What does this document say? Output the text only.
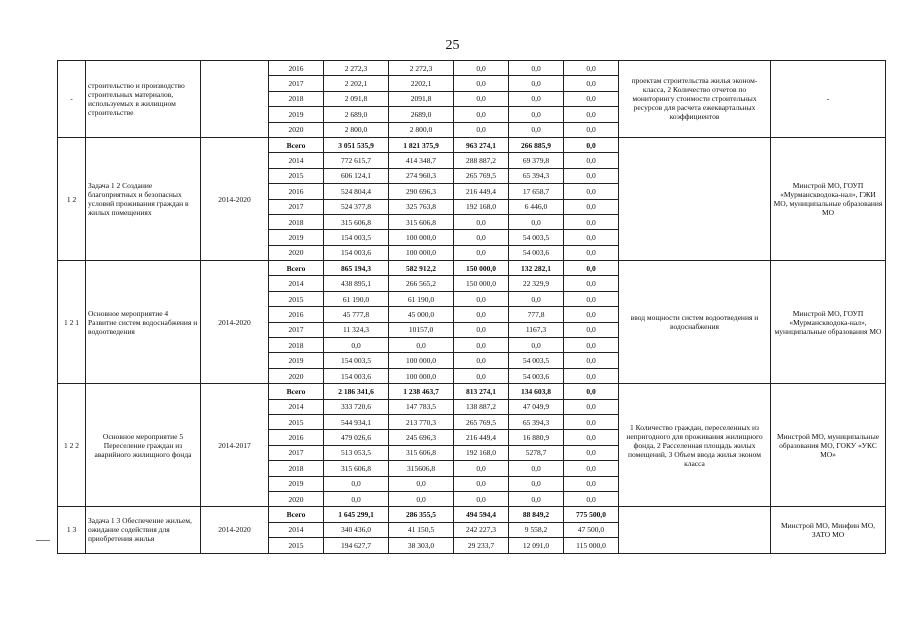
25
-	строительство и производство строительных материалов, используемых в жилищном строительстве		2016	2 272,3	2 272,3	0,0	0,0	0,0	проектам строительства жилья эконом-класса, 2 Количество отчетов по мониторингу стоимости строительных ресурсов для расчета ежеквартальных коэффициентов	-
			2017	2 202,1	2202,1	0,0	0,0	0,0		
			2018	2 091,8	2091,8	0,0	0,0	0,0		
			2019	2 689,0	2689,0	0,0	0,0	0,0		
			2020	2 800,0	2 800,0	0,0	0,0	0,0		
1 2	Задача 1 2 Создание благоприятных и безопасных условий проживания граждан в жилых помещениях	2014-2020	Всего	3 051 535,9	1 821 375,9	963 274,1	266 885,9	0,0		Минстрой МО, ГОУП «Мурманскводока-нал», ГЖИ МО, муниципальные образования МО
			2014	772 615,7	414 348,7	288 887,2	69 379,8	0,0		
			2015	606 124,1	274 960,3	265 769,5	65 394,3	0,0		
			2016	524 804,4	290 696,3	216 449,4	17 658,7	0,0		
			2017	524 377,8	325 763,8	192 168,0	6 446,0	0,0		
			2018	315 606,8	315 606,8	0,0	0,0	0,0		
			2019	154 003,5	100 000,0	0,0	54 003,5	0,0		
			2020	154 003,6	100 000,0	0,0	54 003,6	0,0		
1 2 1	Основное мероприятие 4 Развитие систем водоснабжения и водоотведения	2014-2020	Всего	865 194,3	582 912,2	150 000,0	132 282,1	0,0	ввод мощности систем водоотведения и водоснабжения	Минстрой МО, ГОУП «Мурманскводока-нал», муниципальные образования МО
			2014	438 895,1	266 565,2	150 000,0	22 329,9	0,0		
			2015	61 190,0	61 190,0	0,0	0,0	0,0		
			2016	45 777,8	45 000,0	0,0	777,8	0,0		
			2017	11 324,3	10157,0	0,0	1167,3	0,0		
			2018	0,0	0,0	0,0	0,0	0,0		
			2019	154 003,5	100 000,0	0,0	54 003,5	0,0		
			2020	154 003,6	100 000,0	0,0	54 003,6	0,0		
1 2 2	Основное мероприятие 5 Переселение граждан из аварийного жилищного фонда	2014-2017	Всего	2 186 341,6	1 238 463,7	813 274,1	134 603,8	0,0	1 Количество граждан, переселенных из непригодного для проживания жилищного фонда, 2 Расселенная площадь жилых помещений, 3 Объем ввода жилья эконом класса	Минстрой МО, муниципальные образования МО, ГОКУ «УКС МО»
			2014	333 720,6	147 783,5	138 887,2	47 049,9	0,0		
			2015	544 934,1	213 770,3	265 769,5	65 394,3	0,0		
			2016	479 026,6	245 696,3	216 449,4	16 880,9	0,0		
			2017	513 053,5	315 606,8	192 168,0	5278,7	0,0		
			2018	315 606,8	315606,8	0,0	0,0	0,0		
			2019	0,0	0,0	0,0	0,0	0,0		
			2020	0,0	0,0	0,0	0,0	0,0		
1 3	Задача 1 3 Обеспечение жильем, ожидание содействия для приобретения жилья	2014-2020	Всего	1 645 299,1	286 355,5	494 594,4	88 849,2	775 500,0		Минстрой МО, Минфин МО, ЗАТО МО
			2014	340 436,0	41 150,5	242 227,3	9 558,2	47 500,0		
			2015	194 627,7	38 303,0	29 233,7	12 091,0	115 000,0		
